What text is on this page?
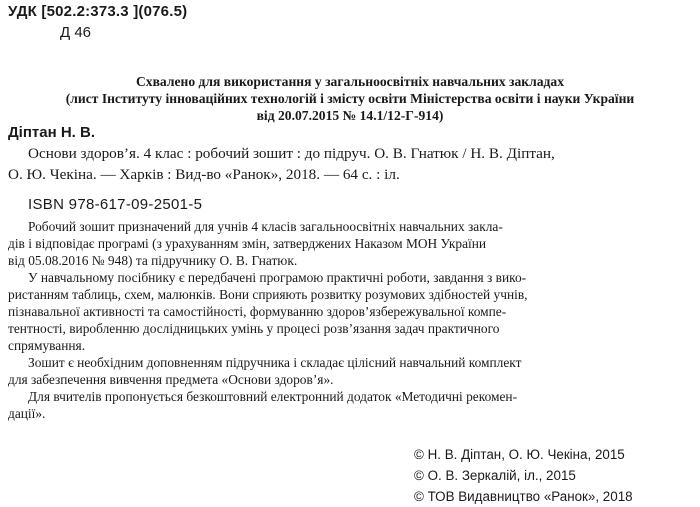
УДК [502.2:373.3 ](076.5)
Д 46
Схвалено для використання у загальноосвітніх навчальних закладах
(лист Інституту інноваційних технологій і змісту освіти Міністерства освіти і науки України
від 20.07.2015 № 14.1/12-Г-914)
Діптан Н. В.
Основи здоров’я. 4 клас : робочий зошит : до підруч. О. В. Гнатюк / Н. В. Діптан,
О. Ю. Чекіна. — Харків : Вид-во «Ранок», 2018. — 64 с. : іл.
ISBN 978-617-09-2501-5

Робочий зошит призначений для учнів 4 класів загальноосвітніх навчальних закла-
дів і відповідає програмі (з урахуванням змін, затверджених Наказом МОН України
від 05.08.2016 № 948) та підручнику О. В. Гнатюк.

У навчальному посібнику є передбачені програмою практичні роботи, завдання з вико-
ристанням таблиць, схем, малюнків. Вони сприяють розвитку розумових здібностей учнів,
пізнавальної активності та самостійності, формуванню здоров’язбережувальної компе-
тентності, виробленню дослідницьких умінь у процесі розв’язання задач практичного
спрямування.

Зошит є необхідним доповненням підручника і складає цілісний навчальний комплект
для забезпечення вивчення предмета «Основи здоров’я».

Для вчителів пропонується безкоштовний електронний додаток «Методичні рекомен-
дації».

© Н. В. Діптан, О. Ю. Чекіна, 2015
© О. В. Зеркалій, іл., 2015
© ТОВ Видавництво «Ранок», 2018
